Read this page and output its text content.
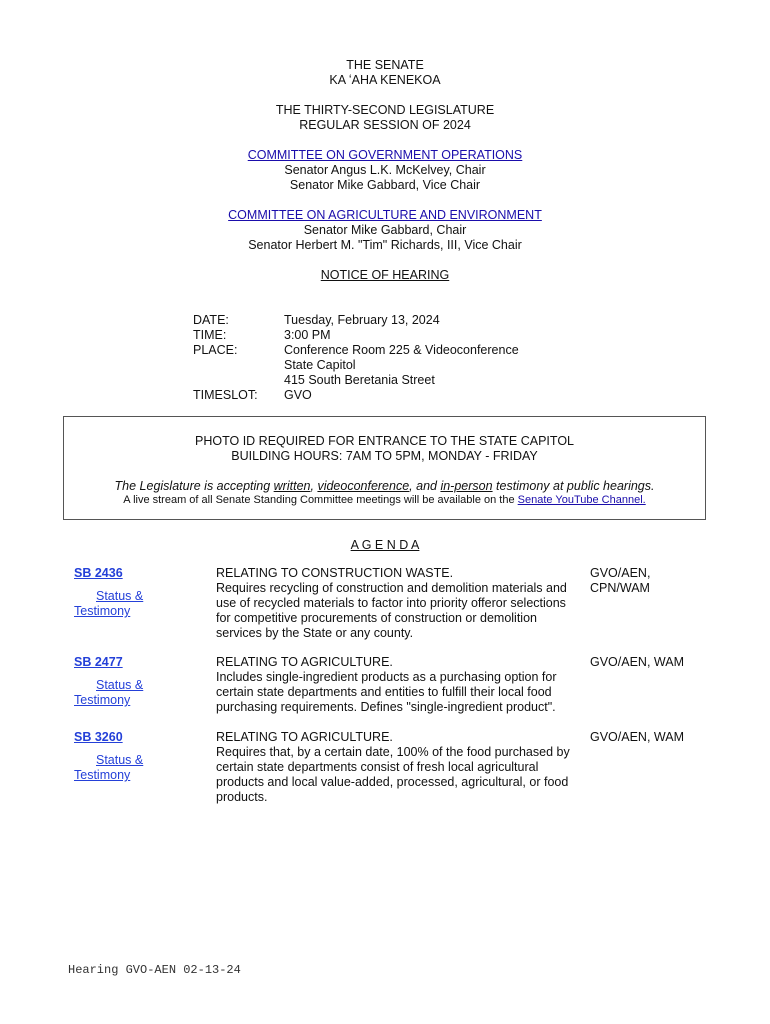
THE SENATE
KA ʻAHA KENEKOA
THE THIRTY-SECOND LEGISLATURE
REGULAR SESSION OF 2024
COMMITTEE ON GOVERNMENT OPERATIONS
Senator Angus L.K. McKelvey, Chair
Senator Mike Gabbard, Vice Chair
COMMITTEE ON AGRICULTURE AND ENVIRONMENT
Senator Mike Gabbard, Chair
Senator Herbert M. "Tim" Richards, III, Vice Chair
NOTICE OF HEARING
DATE:	Tuesday, February 13, 2024
TIME:	3:00 PM
PLACE:	Conference Room 225 & Videoconference
State Capitol
415 South Beretania Street
TIMESLOT: GVO
PHOTO ID REQUIRED FOR ENTRANCE TO THE STATE CAPITOL
BUILDING HOURS: 7AM TO 5PM, MONDAY - FRIDAY
The Legislature is accepting written, videoconference, and in-person testimony at public hearings.
A live stream of all Senate Standing Committee meetings will be available on the Senate YouTube Channel.
A G E N D A
SB 2436
Status &
Testimony
RELATING TO CONSTRUCTION WASTE.
Requires recycling of construction and demolition materials and
use of recycled materials to factor into priority offeror selections
for competitive procurements of construction or demolition
services by the State or any county.
GVO/AEN,
CPN/WAM
SB 2477
Status &
Testimony
RELATING TO AGRICULTURE.
Includes single-ingredient products as a purchasing option for
certain state departments and entities to fulfill their local food
purchasing requirements. Defines "single-ingredient product".
GVO/AEN, WAM
SB 3260
Status &
Testimony
RELATING TO AGRICULTURE.
Requires that, by a certain date, 100% of the food purchased by
certain state departments consist of fresh local agricultural
products and local value-added, processed, agricultural, or food
products.
GVO/AEN, WAM
Hearing GVO-AEN 02-13-24
